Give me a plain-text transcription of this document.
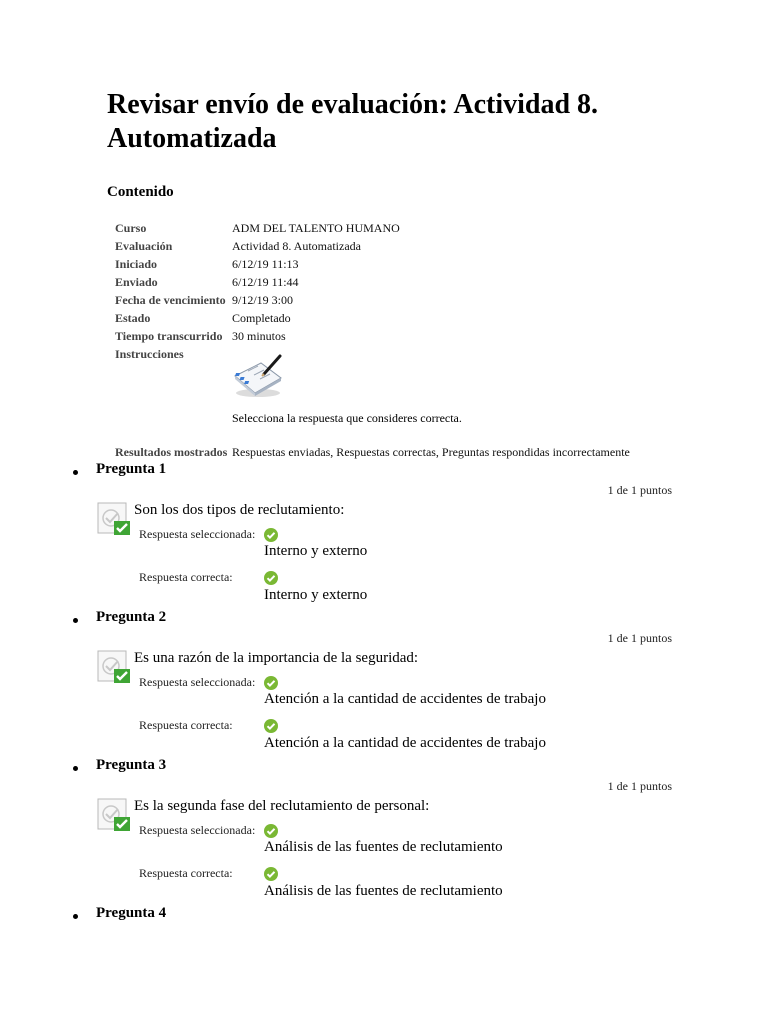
Revisar envío de evaluación: Actividad 8. Automatizada
Contenido
Curso	ADM DEL TALENTO HUMANO
Evaluación	Actividad 8. Automatizada
Iniciado	6/12/19 11:13
Enviado	6/12/19 11:44
Fecha de vencimiento 9/12/19 3:00
Estado	Completado
Tiempo transcurrido 30 minutos
Instrucciones
Selecciona la respuesta que consideres correcta.
Resultados mostrados Respuestas enviadas, Respuestas correctas, Preguntas respondidas incorrectamente
Pregunta 1
1 de 1 puntos
Son los dos tipos de reclutamiento:
Respuesta seleccionada:
Interno y externo
Respuesta correcta:
Interno y externo
Pregunta 2
1 de 1 puntos
Es una razón de la importancia de la seguridad:
Respuesta seleccionada:
Atención a la cantidad de accidentes de trabajo
Respuesta correcta:
Atención a la cantidad de accidentes de trabajo
Pregunta 3
1 de 1 puntos
Es la segunda fase del reclutamiento de personal:
Respuesta seleccionada:
Análisis de las fuentes de reclutamiento
Respuesta correcta:
Análisis de las fuentes de reclutamiento
Pregunta 4
